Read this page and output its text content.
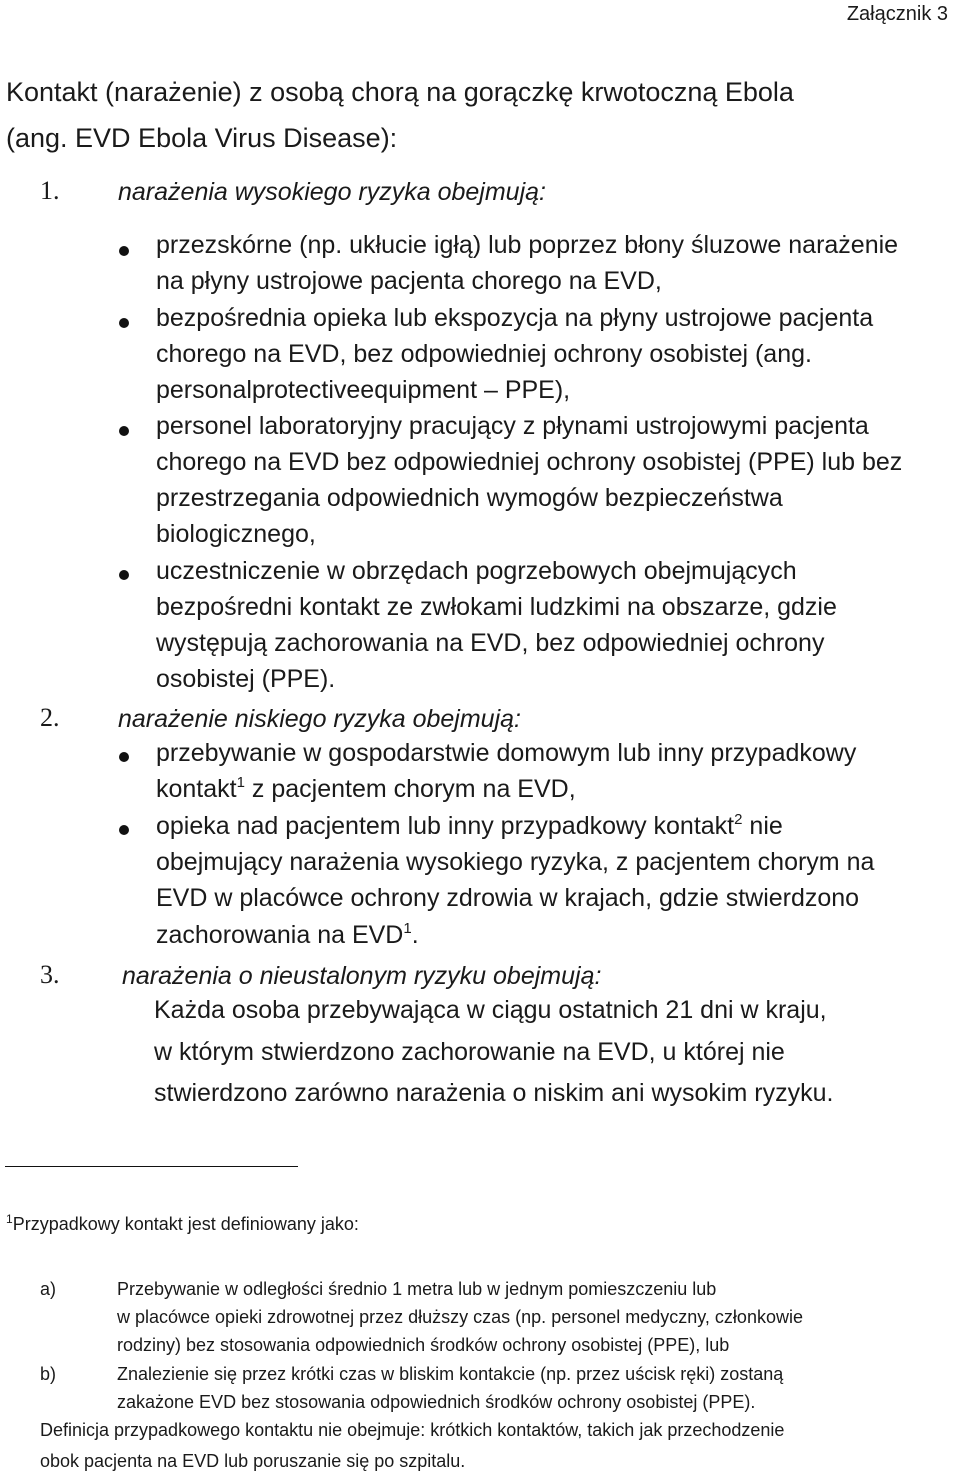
Załącznik 3
Kontakt (narażenie) z osobą chorą na gorączkę krwotoczną Ebola
(ang. EVD Ebola Virus Disease):
1. narażenia wysokiego ryzyka obejmują:
przezskórne (np. ukłucie igłą) lub poprzez błony śluzowe narażenie
na płyny ustrojowe pacjenta chorego na EVD,
bezpośrednia opieka lub ekspozycja na płyny ustrojowe pacjenta
chorego na EVD, bez odpowiedniej ochrony osobistej (ang.
personalprotectiveequipment – PPE),
personel laboratoryjny pracujący z płynami ustrojowymi pacjenta
chorego na EVD bez odpowiedniej ochrony osobistej (PPE) lub bez
przestrzegania odpowiednich wymogów bezpieczeństwa
biologicznego,
uczestniczenie w obrzędach pogrzebowych obejmujących
bezpośredni kontakt ze zwłokami ludzkimi na obszarze, gdzie
występują zachorowania na EVD, bez odpowiedniej ochrony
osobistej (PPE).
2. narażenie niskiego ryzyka obejmują:
przebywanie w gospodarstwie domowym lub inny przypadkowy
kontakt$^1$ z pacjentem chorym na EVD,
opieka nad pacjentem lub inny przypadkowy kontakt$^2$ nie
obejmujący narażenia wysokiego ryzyka, z pacjentem chorym na
EVD w placówce ochrony zdrowia w krajach, gdzie stwierdzono
zachorowania na EVD$^1$.
3.	narażenia o nieustalonym ryzyku obejmują:
Każda osoba przebywająca w ciągu ostatnich 21 dni w kraju,
w którym stwierdzono zachorowanie na EVD, u której nie
stwierdzono zarówno narażenia o niskim ani wysokim ryzyku.
$^1$Przypadkowy kontakt jest definiowany jako:
a)	Przebywanie w odległości średnio 1 metra lub w jednym pomieszczeniu lub
w placówce opieki zdrowotnej przez dłuższy czas (np. personel medyczny, członkowie
rodziny) bez stosowania odpowiednich środków ochrony osobistej (PPE), lub
b)	Znalezienie się przez krótki czas w bliskim kontakcie (np. przez uścisk ręki) zostaną
zakażone EVD bez stosowania odpowiednich środków ochrony osobistej (PPE).
Definicja przypadkowego kontaktu nie obejmuje: krótkich kontaktów, takich jak przechodzenie
obok pacjenta na EVD lub poruszanie się po szpitalu.
